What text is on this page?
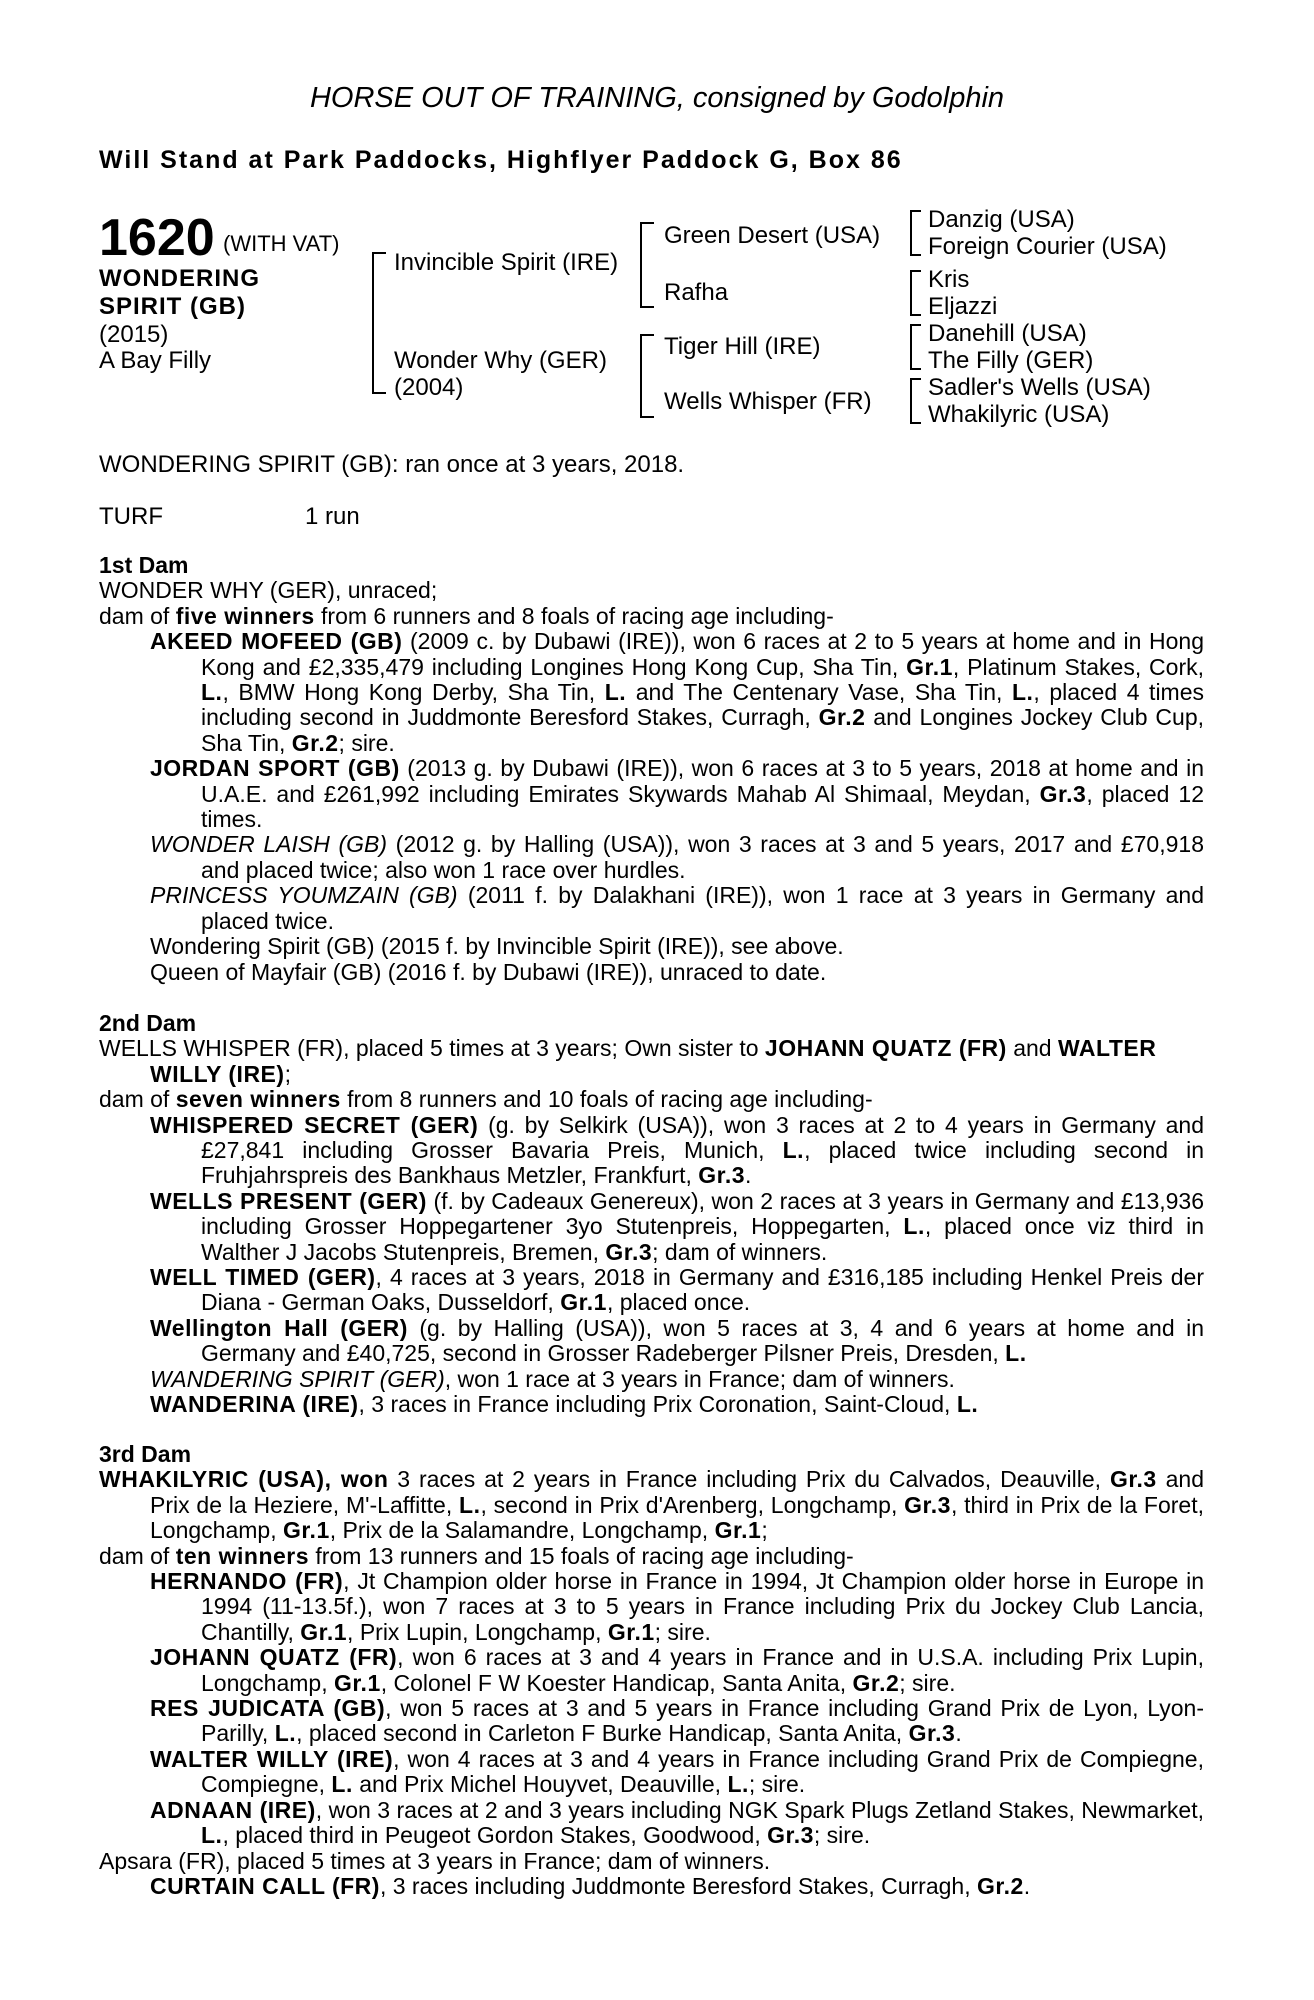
HORSE OUT OF TRAINING, consigned by Godolphin
Will Stand at Park Paddocks, Highflyer Paddock G, Box 86
1620 (WITH VAT)
WONDERING
SPIRIT (GB)
(2015)
A Bay Filly
Invincible Spirit (IRE)
Wonder Why (GER)
(2004)
Green Desert (USA)
Rafha
Tiger Hill (IRE)
Wells Whisper (FR)
Danzig (USA)
Foreign Courier (USA)
Kris
Eljazzi
Danehill (USA)
The Filly (GER)
Sadler's Wells (USA)
Whakilyric (USA)
WONDERING SPIRIT (GB): ran once at 3 years, 2018.
TURF	1 run

1st Dam

WONDER WHY (GER), unraced;

dam of five winners from 6 runners and 8 foals of racing age including-

AKEED MOFEED (GB) (2009 c. by Dubawi (IRE)), won 6 races at 2 to 5 years at home and in Hong Kong and £2,335,479 including Longines Hong Kong Cup, Sha Tin, Gr.1, Platinum Stakes, Cork, L., BMW Hong Kong Derby, Sha Tin, L. and The Centenary Vase, Sha Tin, L., placed 4 times including second in Juddmonte Beresford Stakes, Curragh, Gr.2 and Longines Jockey Club Cup, Sha Tin, Gr.2; sire.

JORDAN SPORT (GB) (2013 g. by Dubawi (IRE)), won 6 races at 3 to 5 years, 2018 at home and in U.A.E. and £261,992 including Emirates Skywards Mahab Al Shimaal, Meydan, Gr.3, placed 12 times.

WONDER LAISH (GB) (2012 g. by Halling (USA)), won 3 races at 3 and 5 years, 2017 and £70,918 and placed twice; also won 1 race over hurdles.

PRINCESS YOUMZAIN (GB) (2011 f. by Dalakhani (IRE)), won 1 race at 3 years in Germany and placed twice.

Wondering Spirit (GB) (2015 f. by Invincible Spirit (IRE)), see above.

Queen of Mayfair (GB) (2016 f. by Dubawi (IRE)), unraced to date.

2nd Dam

WELLS WHISPER (FR), placed 5 times at 3 years; Own sister to JOHANN QUATZ (FR) and WALTER WILLY (IRE);

dam of seven winners from 8 runners and 10 foals of racing age including-

WHISPERED SECRET (GER) (g. by Selkirk (USA)), won 3 races at 2 to 4 years in Germany and £27,841 including Grosser Bavaria Preis, Munich, L., placed twice including second in Fruhjahrspreis des Bankhaus Metzler, Frankfurt, Gr.3.

WELLS PRESENT (GER) (f. by Cadeaux Genereux), won 2 races at 3 years in Germany and £13,936 including Grosser Hoppegartener 3yo Stutenpreis, Hoppegarten, L., placed once viz third in Walther J Jacobs Stutenpreis, Bremen, Gr.3; dam of winners.

WELL TIMED (GER), 4 races at 3 years, 2018 in Germany and £316,185 including Henkel Preis der Diana - German Oaks, Dusseldorf, Gr.1, placed once.

Wellington Hall (GER) (g. by Halling (USA)), won 5 races at 3, 4 and 6 years at home and in Germany and £40,725, second in Grosser Radeberger Pilsner Preis, Dresden, L.

WANDERING SPIRIT (GER), won 1 race at 3 years in France; dam of winners.

WANDERINA (IRE), 3 races in France including Prix Coronation, Saint-Cloud, L.

3rd Dam

WHAKILYRIC (USA), won 3 races at 2 years in France including Prix du Calvados, Deauville, Gr.3 and Prix de la Heziere, M'-Laffitte, L., second in Prix d'Arenberg, Longchamp, Gr.3, third in Prix de la Foret, Longchamp, Gr.1, Prix de la Salamandre, Longchamp, Gr.1;

dam of ten winners from 13 runners and 15 foals of racing age including-

HERNANDO (FR), Jt Champion older horse in France in 1994, Jt Champion older horse in Europe in 1994 (11-13.5f.), won 7 races at 3 to 5 years in France including Prix du Jockey Club Lancia, Chantilly, Gr.1, Prix Lupin, Longchamp, Gr.1; sire.

JOHANN QUATZ (FR), won 6 races at 3 and 4 years in France and in U.S.A. including Prix Lupin, Longchamp, Gr.1, Colonel F W Koester Handicap, Santa Anita, Gr.2; sire.

RES JUDICATA (GB), won 5 races at 3 and 5 years in France including Grand Prix de Lyon, Lyon-Parilly, L., placed second in Carleton F Burke Handicap, Santa Anita, Gr.3.

WALTER WILLY (IRE), won 4 races at 3 and 4 years in France including Grand Prix de Compiegne, Compiegne, L. and Prix Michel Houyvet, Deauville, L.; sire.

ADNAAN (IRE), won 3 races at 2 and 3 years including NGK Spark Plugs Zetland Stakes, Newmarket, L., placed third in Peugeot Gordon Stakes, Goodwood, Gr.3; sire.

Apsara (FR), placed 5 times at 3 years in France; dam of winners.

CURTAIN CALL (FR), 3 races including Juddmonte Beresford Stakes, Curragh, Gr.2.
